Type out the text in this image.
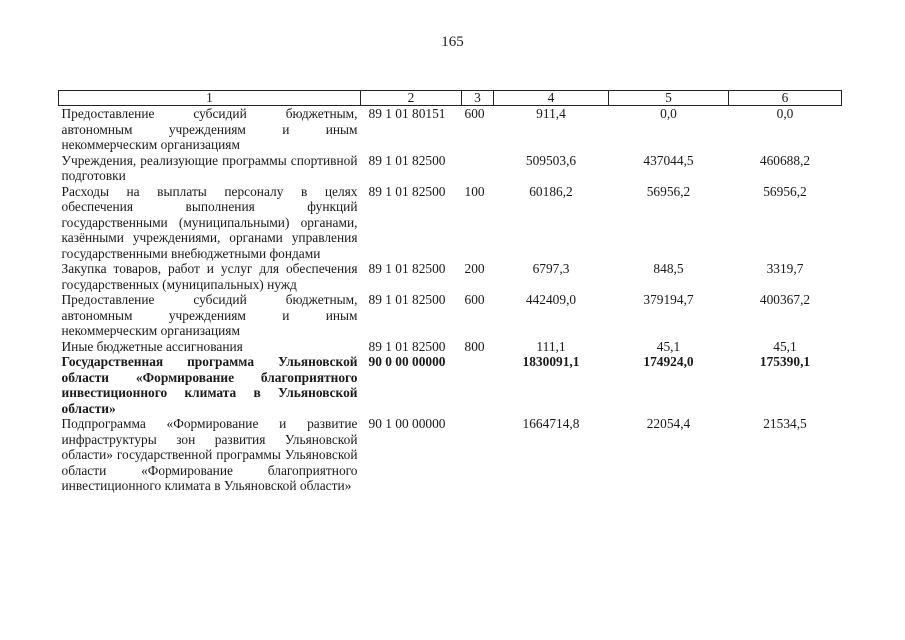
165
1	2	3	4	5	6
Предоставление субсидий бюджетным, автономным учреждениям и иным некоммерческим организациям	89 1 01 80151	600	911,4	0,0	0,0
Учреждения, реализующие программы спортивной подготовки	89 1 01 82500		509503,6	437044,5	460688,2
Расходы на выплаты персоналу в целях обеспечения выполнения функций государственными (муниципальными) органами, казёнными учреждениями, органами управления государственными внебюджетными фондами	89 1 01 82500	100	60186,2	56956,2	56956,2
Закупка товаров, работ и услуг для обеспечения государственных (муниципальных) нужд	89 1 01 82500	200	6797,3	848,5	3319,7
Предоставление субсидий бюджетным, автономным учреждениям и иным некоммерческим организациям	89 1 01 82500	600	442409,0	379194,7	400367,2
Иные бюджетные ассигнования	89 1 01 82500	800	111,1	45,1	45,1
Государственная программа Ульяновской области «Формирование благоприятного инвестиционного климата в Ульяновской области»	90 0 00 00000		1830091,1	174924,0	175390,1
Подпрограмма «Формирование и развитие инфраструктуры зон развития Ульяновской области» государственной программы Ульяновской области «Формирование благоприятного инвестиционного климата в Ульяновской области»	90 1 00 00000		1664714,8	22054,4	21534,5
